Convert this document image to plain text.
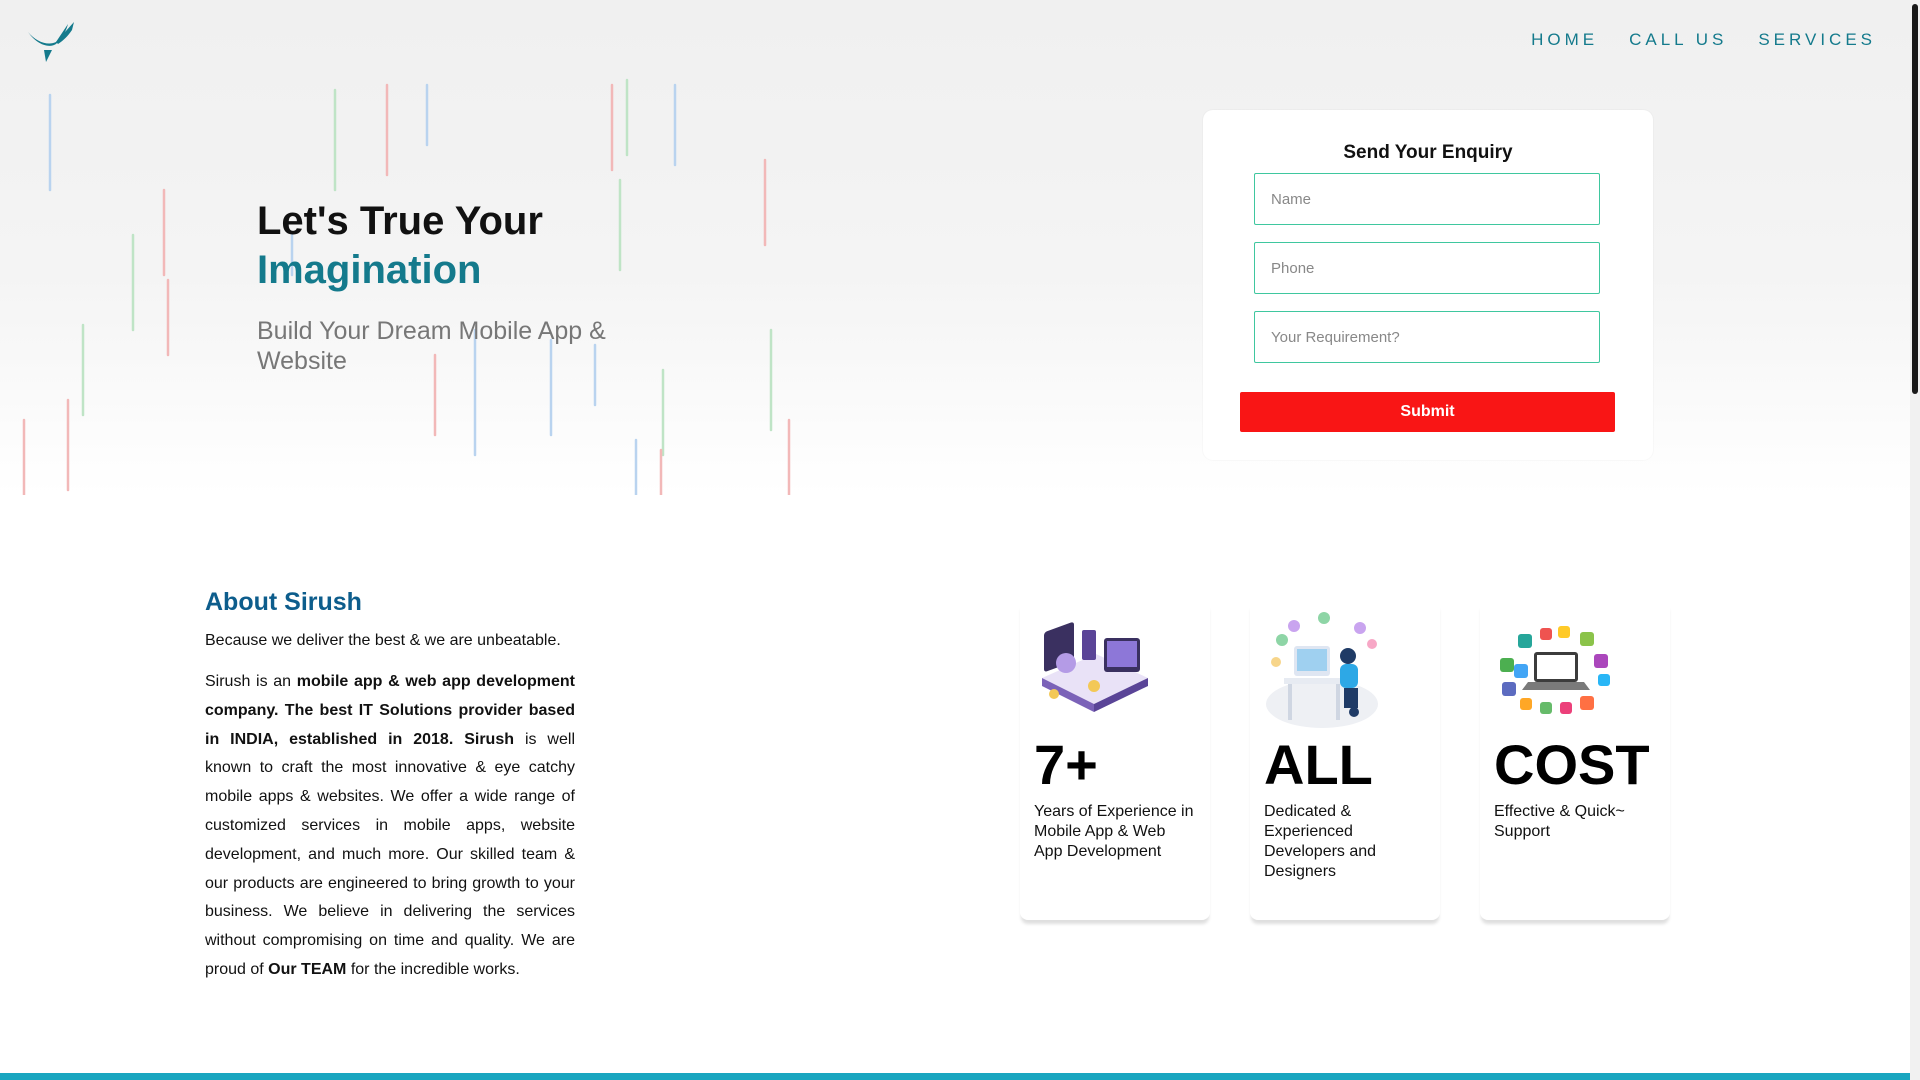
HOME CALL US SERVICES
Let's True Your
Imagination
Build Your Dream Mobile App & Website
Send Your Enquiry
Name
Phone
Your Requirement?
Submit
About Sirush

Because we deliver the best & we are unbeatable.

Sirush is an mobile app & web app development company. The best IT Solutions provider based in INDIA, established in 2018. Sirush is well known to craft the most innovative & eye catchy mobile apps & websites. We offer a wide range of customized services in mobile apps, website development, and much more. Our skilled team & our products are engineered to bring growth to your business. We believe in delivering the services without compromising on time and quality. We are proud of Our TEAM for the incredible works.

7+
Years of Experience in Mobile App & Web App Development
ALL
Dedicated & Experienced Developers and Designers
COST
Effective & Quick~ Support
